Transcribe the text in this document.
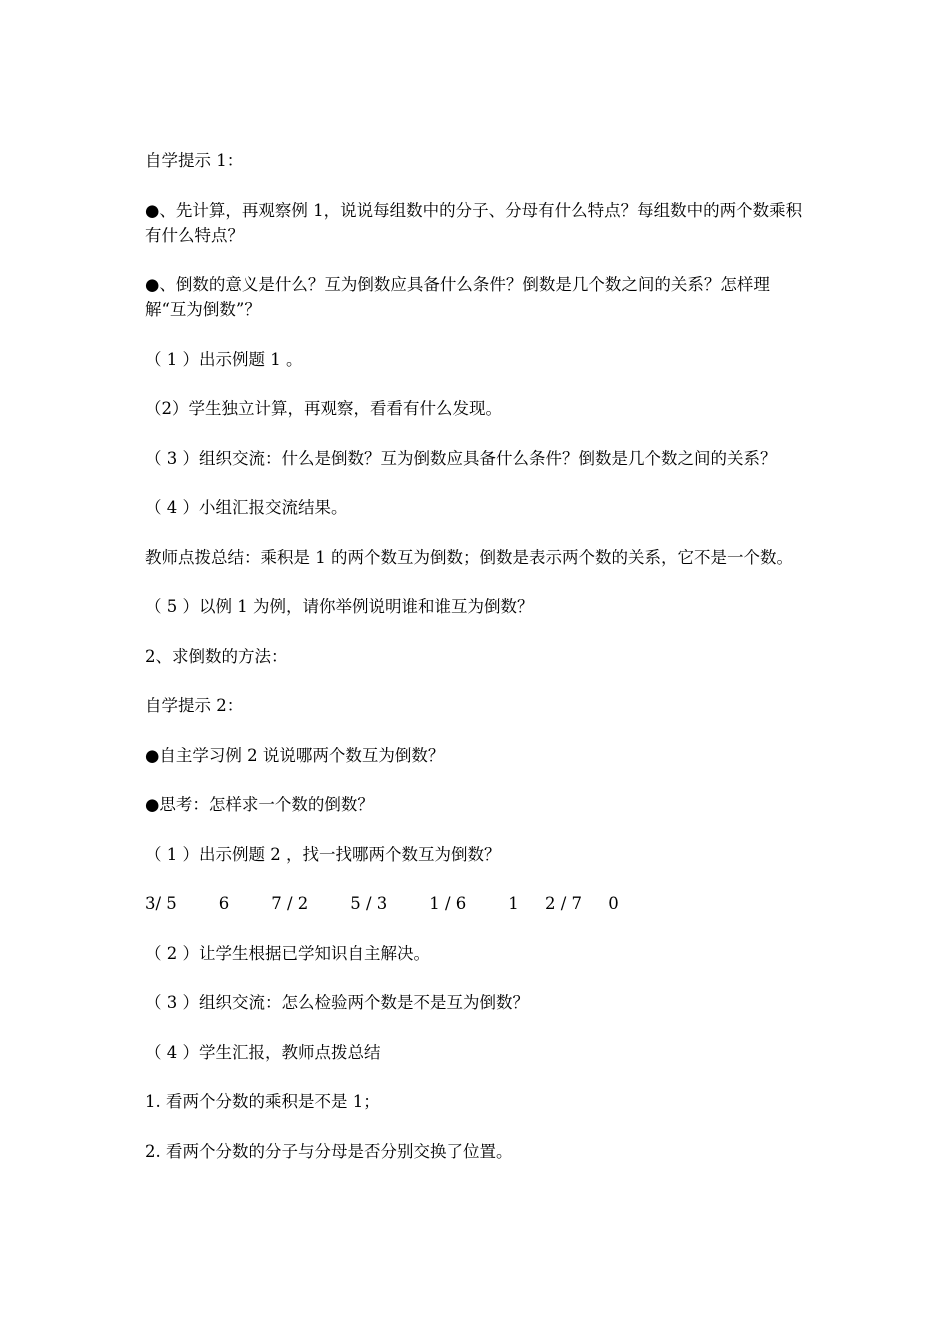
自学提示 1：

●、先计算，再观察例 1，说说每组数中的分子、分母有什么特点？每组数中的两个数乘积有什么特点？

●、倒数的意义是什么？互为倒数应具备什么条件？倒数是几个数之间的关系？怎样理解“互为倒数”？

（ 1 ）出示例题 1 。

（2）学生独立计算，再观察，看看有什么发现。

（ 3 ）组织交流：什么是倒数？互为倒数应具备什么条件？倒数是几个数之间的关系？

（ 4 ）小组汇报交流结果。

教师点拨总结：乘积是 1 的两个数互为倒数；倒数是表示两个数的关系，它不是一个数。

（ 5 ）以例 1 为例，请你举例说明谁和谁互为倒数？

2、求倒数的方法：

自学提示 2：

●自主学习例 2 说说哪两个数互为倒数？

●思考：怎样求一个数的倒数？

（ 1 ）出示例题 2 ，找一找哪两个数互为倒数？

3/ 5        6        7 / 2        5 / 3        1 / 6        1     2 / 7     0

（ 2 ）让学生根据已学知识自主解决。

（ 3 ）组织交流：怎么检验两个数是不是互为倒数？

（ 4 ）学生汇报，教师点拨总结

1. 看两个分数的乘积是不是 1；

2. 看两个分数的分子与分母是否分别交换了位置。
